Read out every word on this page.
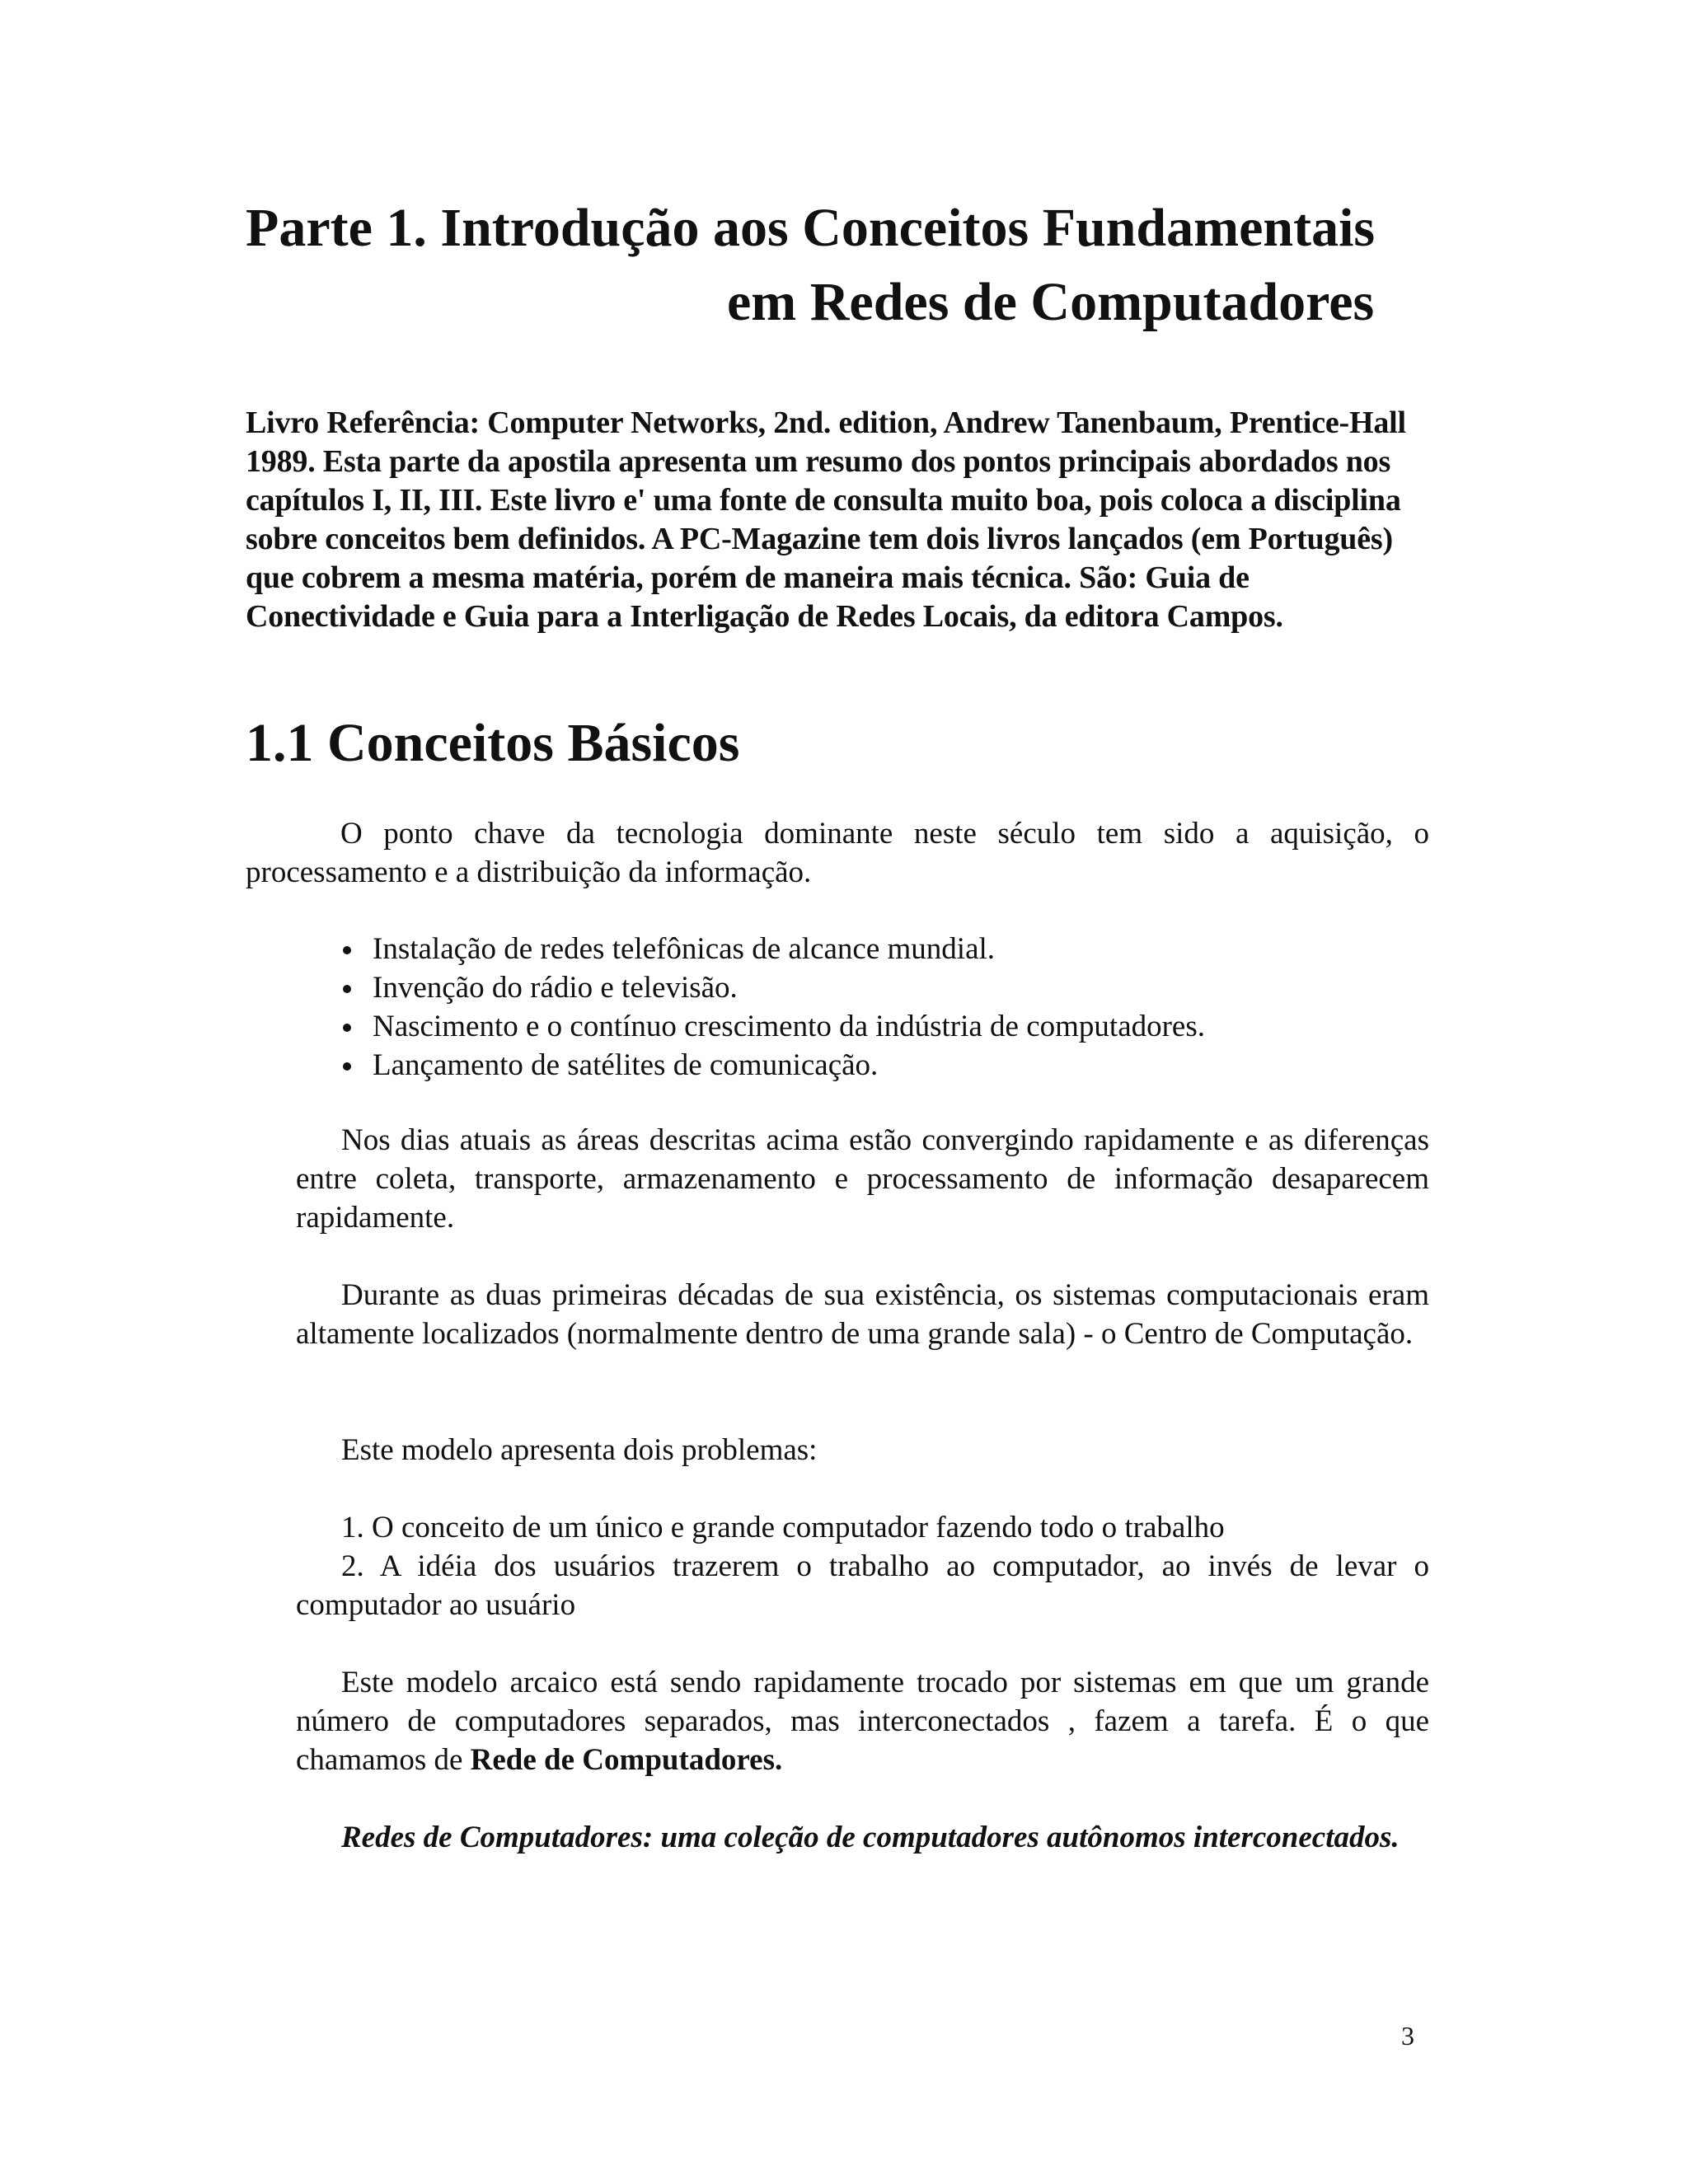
Parte 1. Introdução aos Conceitos Fundamentais
em Redes de Computadores

Livro Referência: Computer Networks, 2nd. edition, Andrew Tanenbaum, Prentice-Hall 1989. Esta parte da apostila apresenta um resumo dos pontos principais abordados nos capítulos I, II, III. Este livro e' uma fonte de consulta muito boa, pois coloca a disciplina sobre conceitos bem definidos. A PC-Magazine tem dois livros lançados (em Português) que cobrem a mesma matéria, porém de maneira mais técnica. São: Guia de Conectividade e Guia para a Interligação de Redes Locais, da editora Campos.

1.1 Conceitos Básicos

O ponto chave da tecnologia dominante neste século tem sido a aquisição, o processamento e a distribuição da informação.

Instalação de redes telefônicas de alcance mundial.
Invenção do rádio e televisão.
Nascimento e o contínuo crescimento da indústria de computadores.
Lançamento de satélites de comunicação.

Nos dias atuais as áreas descritas acima estão convergindo rapidamente e as diferenças entre coleta, transporte, armazenamento e processamento de informação desaparecem rapidamente.

Durante as duas primeiras décadas de sua existência, os sistemas computacionais eram altamente localizados (normalmente dentro de uma grande sala) - o Centro de Computação.

Este modelo apresenta dois problemas:

1. O conceito de um único e grande computador fazendo todo o trabalho

2. A idéia dos usuários trazerem o trabalho ao computador, ao invés de levar o computador ao usuário

Este modelo arcaico está sendo rapidamente trocado por sistemas em que um grande número de computadores separados, mas interconectados , fazem a tarefa. É o que chamamos de Rede de Computadores.

Redes de Computadores: uma coleção de computadores autônomos interconectados.

3
